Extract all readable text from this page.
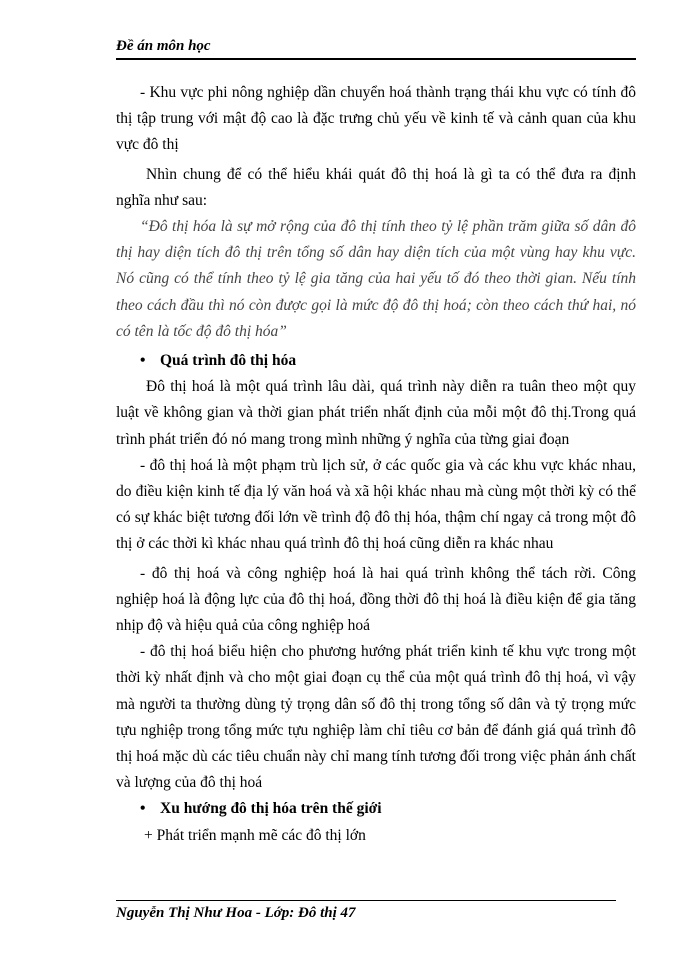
Đề án môn học

- Khu vực phi nông nghiệp dần chuyển hoá thành trạng thái khu vực có tính đô thị tập trung với mật độ cao là đặc trưng chủ yếu về kinh tế và cảnh quan của khu vực đô thị

Nhìn chung để có thể hiểu khái quát đô thị hoá là gì ta có thể đưa ra định nghĩa như sau:

“Đô thị hóa là sự mở rộng của đô thị tính theo tỷ lệ phần trăm giữa số dân đô thị hay diện tích đô thị trên tổng số dân hay diện tích của một vùng hay khu vực. Nó cũng có thể tính theo tỷ lệ gia tăng của hai yếu tố đó theo thời gian. Nếu tính theo cách đầu thì nó còn được gọi là mức độ đô thị hoá; còn theo cách thứ hai, nó có tên là tốc độ đô thị hóa”

• Quá trình đô thị hóa

Đô thị hoá là một quá trình lâu dài, quá trình này diễn ra tuân theo một quy luật về không gian và thời gian phát triển nhất định của mỗi một đô thị.Trong quá trình phát triển đó nó mang trong mình những ý nghĩa của từng giai đoạn

- đô thị hoá là một phạm trù lịch sử, ở các quốc gia và các khu vực khác nhau, do điều kiện kinh tế địa lý văn hoá và xã hội khác nhau mà cùng một thời kỳ có thể có sự khác biệt tương đối lớn về trình độ đô thị hóa, thậm chí ngay cả trong một đô thị ở các thời kì khác nhau quá trình đô thị hoá cũng diễn ra khác nhau

- đô thị hoá và công nghiệp hoá là hai quá trình không thể tách rời. Công nghiệp hoá là động lực của đô thị hoá, đồng thời đô thị hoá là điều kiện để gia tăng nhịp độ và hiệu quả của công nghiệp hoá

- đô thị hoá biểu hiện cho phương hướng phát triển kinh tế khu vực trong một thời kỳ nhất định và cho một giai đoạn cụ thể của một quá trình đô thị hoá, vì vậy mà người ta thường dùng tỷ trọng dân số đô thị trong tổng số dân và tỷ trọng mức tựu nghiệp trong tổng mức tựu nghiệp làm chỉ tiêu cơ bản để đánh giá quá trình đô thị hoá mặc dù các tiêu chuẩn này chỉ mang tính tương đối trong việc phản ánh chất và lượng của đô thị hoá

• Xu hướng đô thị hóa trên thế giới

+ Phát triển mạnh mẽ các đô thị lớn

Nguyễn Thị Như Hoa - Lớp: Đô thị 47
